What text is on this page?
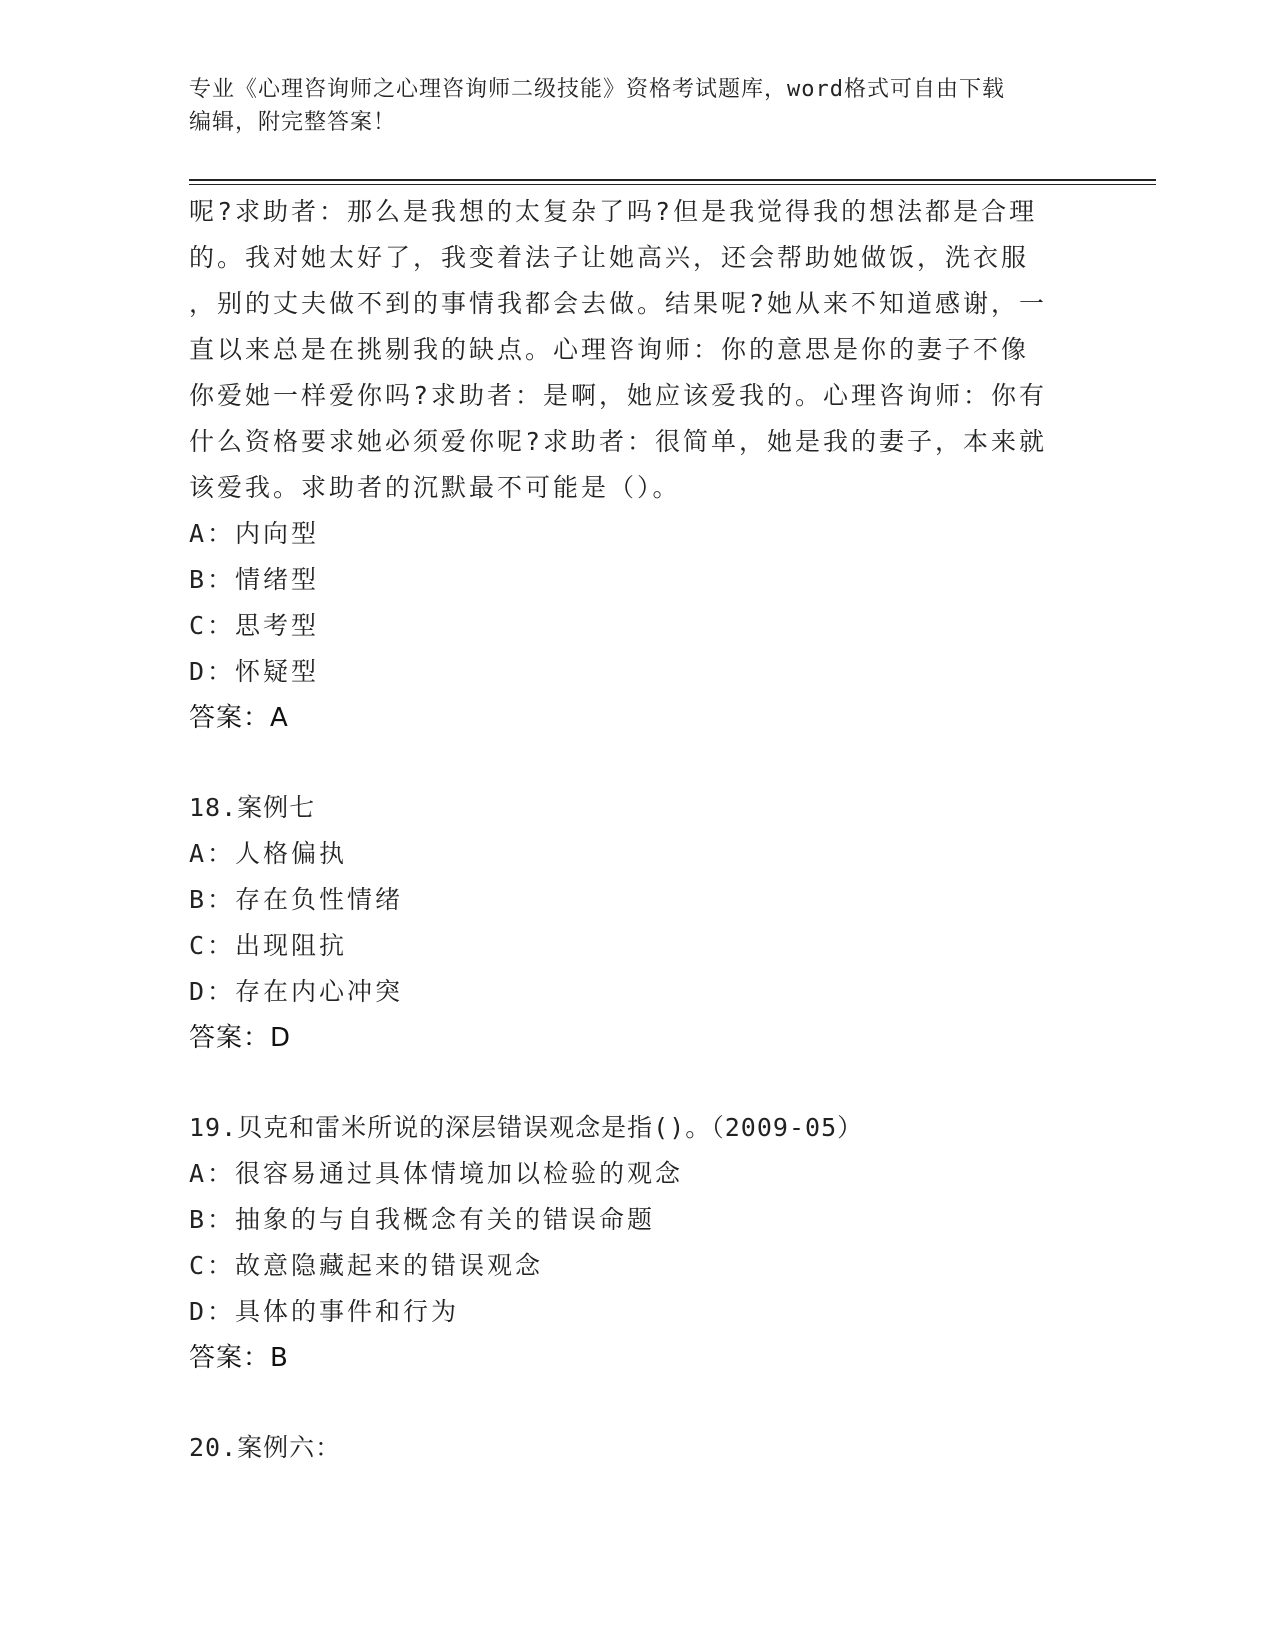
专业《心理咨询师之心理咨询师二级技能》资格考试题库，word格式可自由下载
编辑，附完整答案！
呢?求助者：那么是我想的太复杂了吗?但是我觉得我的想法都是合理
的。我对她太好了，我变着法子让她高兴，还会帮助她做饭，洗衣服
，别的丈夫做不到的事情我都会去做。结果呢?她从来不知道感谢，一
直以来总是在挑剔我的缺点。心理咨询师：你的意思是你的妻子不像
你爱她一样爱你吗?求助者：是啊，她应该爱我的。心理咨询师：你有
什么资格要求她必须爱你呢?求助者：很简单，她是我的妻子，本来就
该爱我。求助者的沉默最不可能是（）。
A：内向型
B：情绪型
C：思考型
D：怀疑型
答案：A
18.案例七
A：人格偏执
B：存在负性情绪
C：出现阻抗
D：存在内心冲突
答案：D
19.贝克和雷米所说的深层错误观念是指()。（2009-05）
A：很容易通过具体情境加以检验的观念
B：抽象的与自我概念有关的错误命题
C：故意隐藏起来的错误观念
D：具体的事件和行为
答案：B
20.案例六：
